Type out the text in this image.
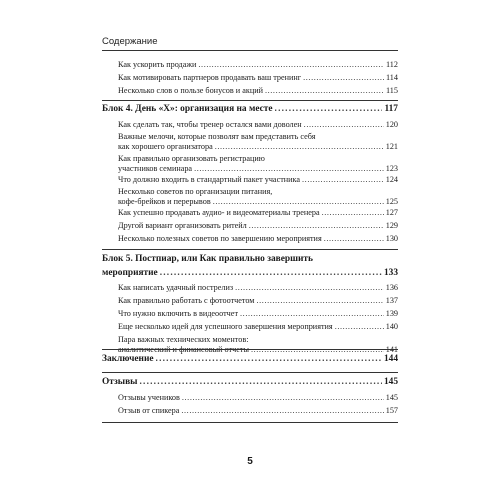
Содержание
Как ускорить продажи .....	112
Как мотивировать партнеров продавать ваш тренинг .....	114
Несколько слов о пользе бонусов и акций .....	115
Блок 4. День «Х»: организация на месте .....	117
Как сделать так, чтобы тренер остался вами доволен .....	120
Важные мелочи, которые позволят вам представить себя
как хорошего организатора .....	121
Как правильно организовать регистрацию
участников семинара .....	123
Что должно входить в стандартный пакет участника .....	124
Несколько советов по организации питания,
кофе-брейков и перерывов .....	125
Как успешно продавать аудио- и видеоматериалы тренера .....	127
Другой вариант организовать ритейл .....	129
Несколько полезных советов по завершению мероприятия .....	130
Блок 5. Постпиар, или Как правильно завершить
мероприятие .....	133
Как написать удачный пострелиз .....	136
Как правильно работать с фотоотчетом .....	137
Что нужно включить в видеоотчет .....	139
Еще несколько идей для успешного завершения мероприятия .....	140
Пара важных технических моментов:
аналитический и финансовый отчеты .....	141
Заключение .....	144
Отзывы .....	145
Отзывы учеников .....	145
Отзыв от спикера .....	157
5
